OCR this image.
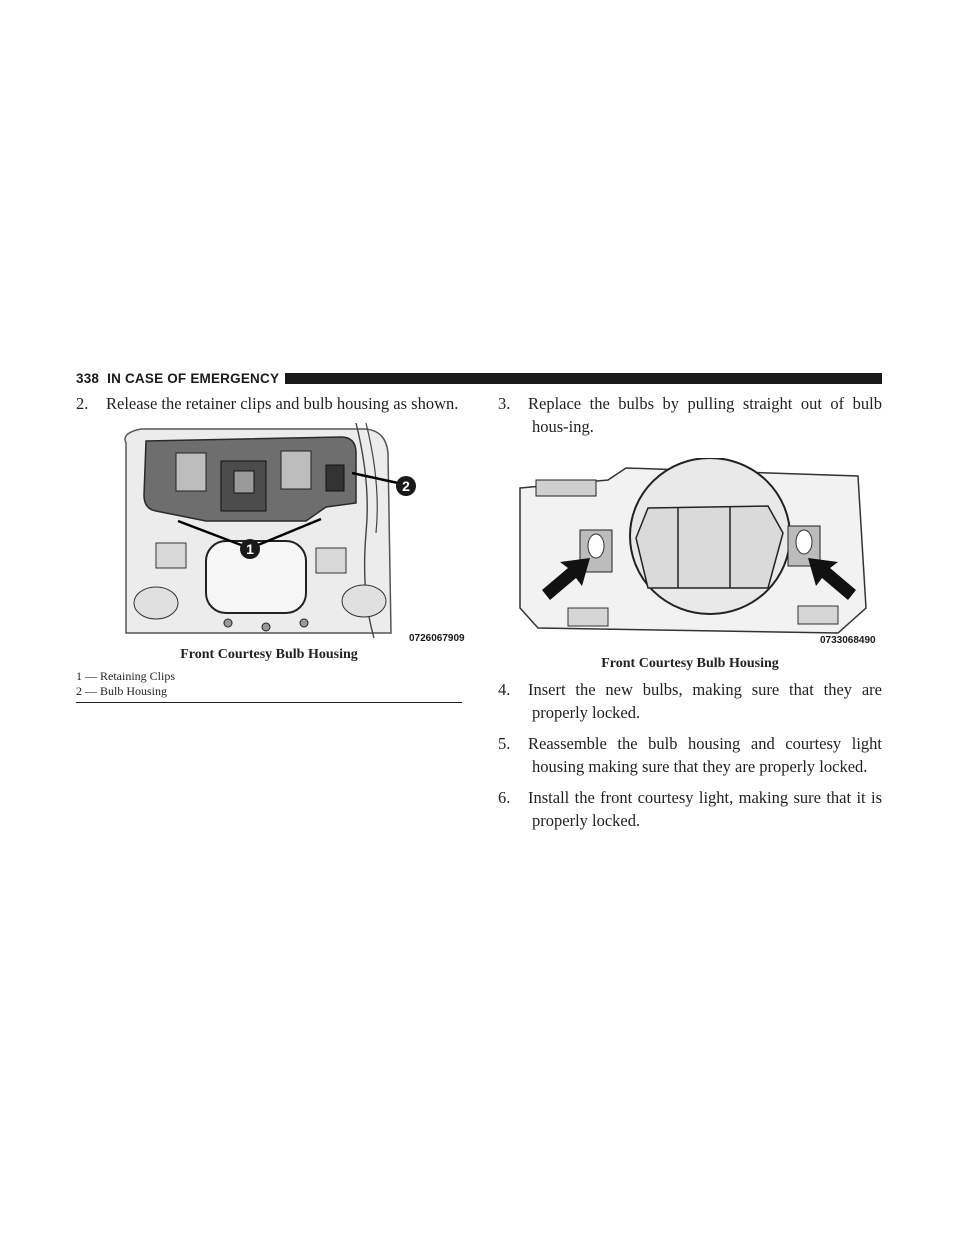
338 IN CASE OF EMERGENCY

2. Release the retainer clips and bulb housing as shown.

1
2
0726067909
Front Courtesy Bulb Housing
1 — Retaining Clips
2 — Bulb Housing

3. Replace the bulbs by pulling straight out of bulb hous-ing.

0733068490
Front Courtesy Bulb Housing

4. Insert the new bulbs, making sure that they are properly locked.

5. Reassemble the bulb housing and courtesy light housing making sure that they are properly locked.

6. Install the front courtesy light, making sure that it is properly locked.
